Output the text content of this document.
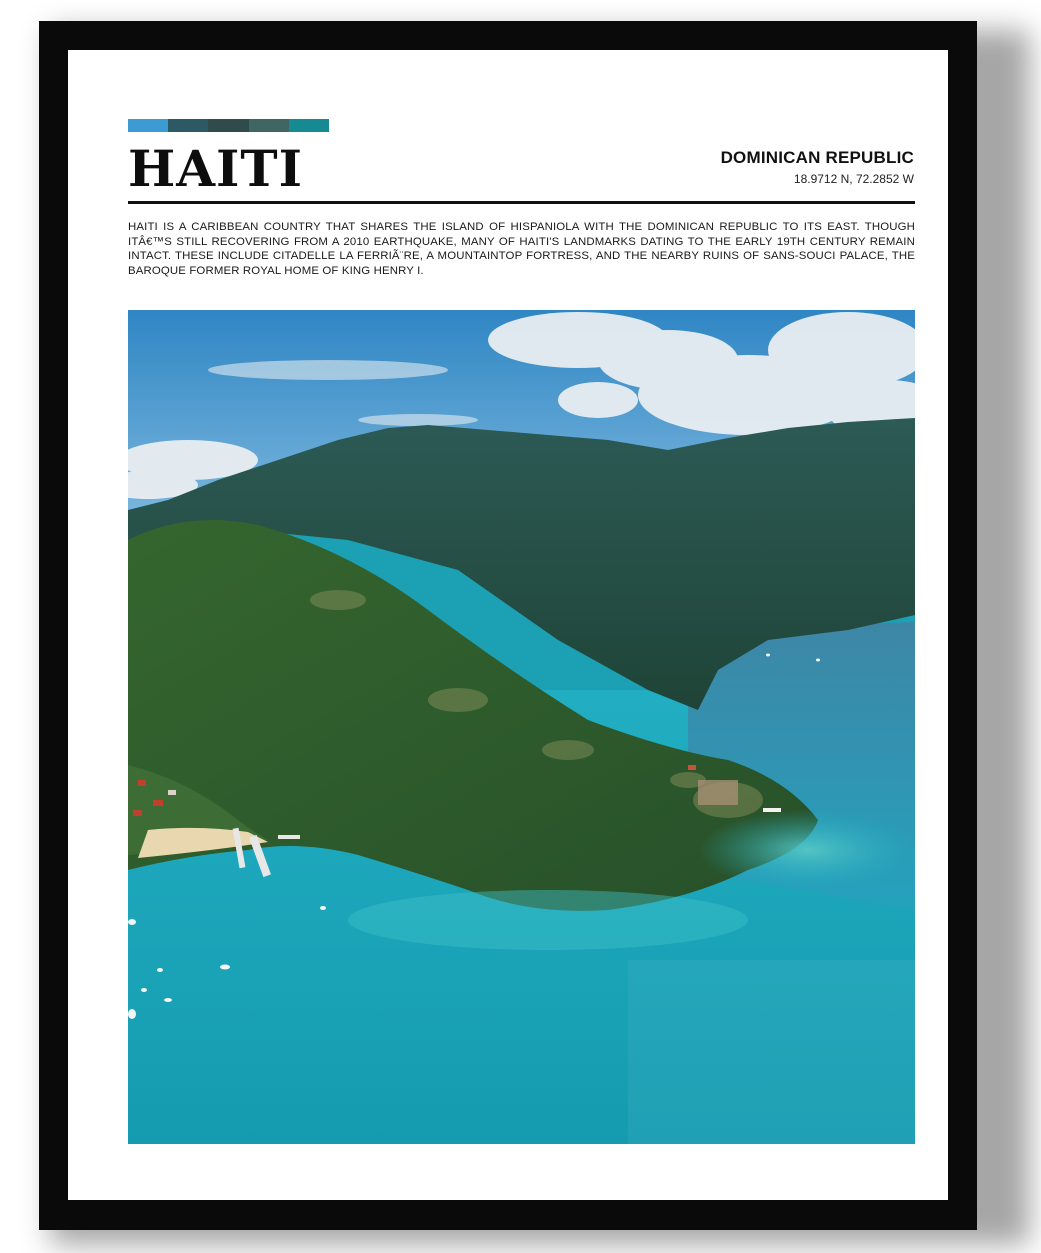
HAITI	DOMINICAN REPUBLIC
18.9712 N, 72.2852 W

HAITI IS A CARIBBEAN COUNTRY THAT SHARES THE ISLAND OF HISPANIOLA WITH THE DOMINICAN REPUBLIC TO ITS EAST. THOUGH ITÂ€™S STILL RECOVERING FROM A 2010 EARTHQUAKE, MANY OF HAITI'S LANDMARKS DATING TO THE EARLY 19TH CENTURY REMAIN INTACT. THESE INCLUDE CITADELLE LA FERRIÃ¨RE, A MOUNTAINTOP FORTRESS, AND THE NEARBY RUINS OF SANS-SOUCI PALACE, THE BAROQUE FORMER ROYAL HOME OF KING HENRY I.
